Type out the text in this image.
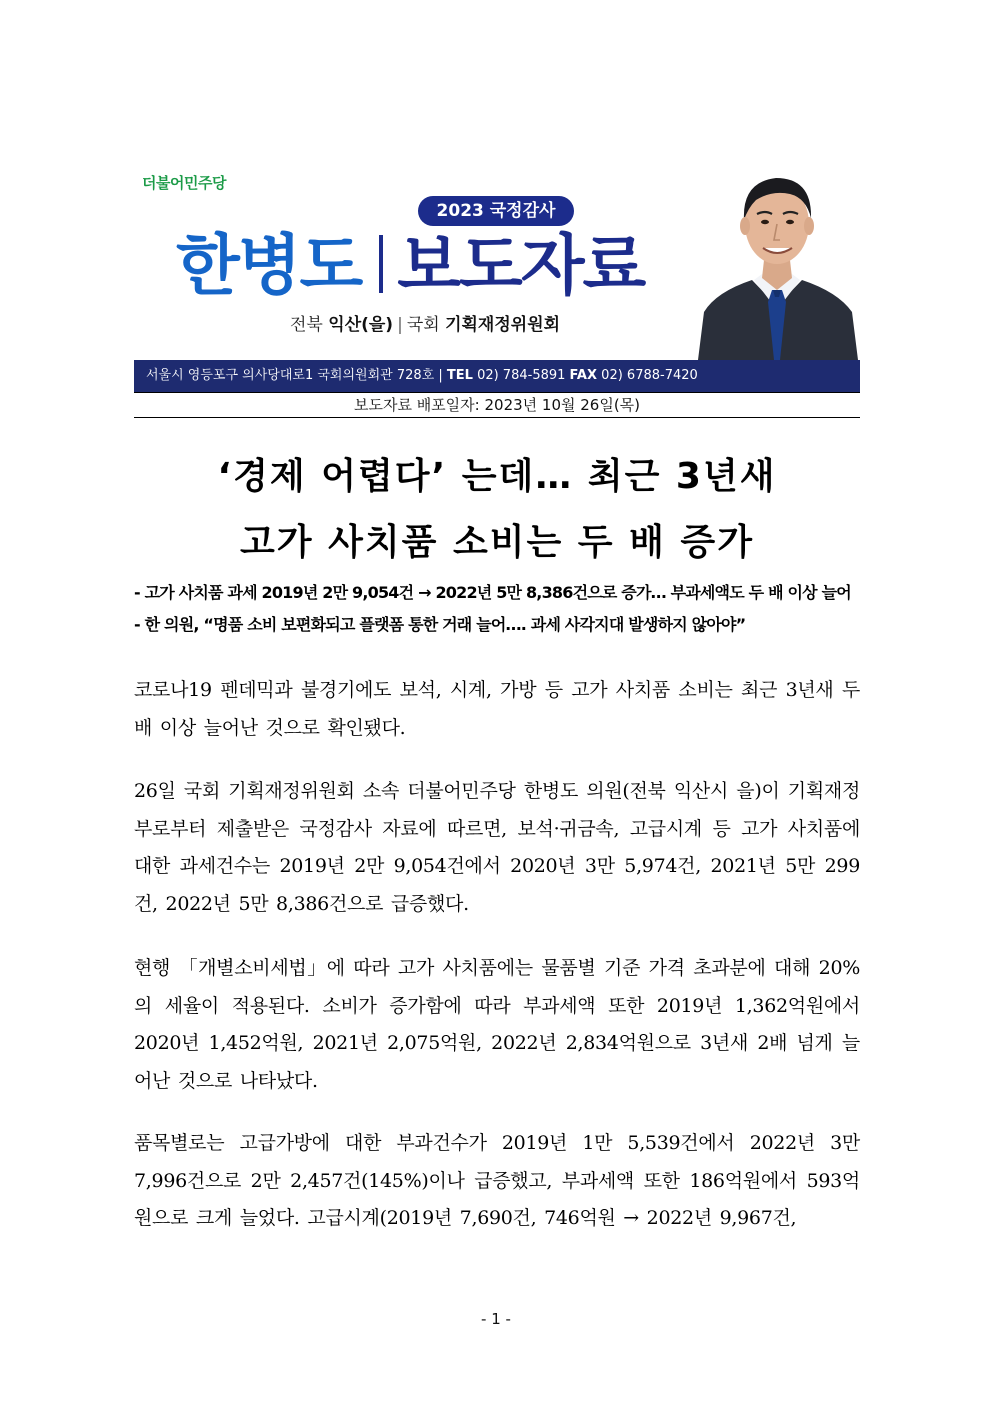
더불어민주당
2023 국정감사
한병도 보도자료
전북 익산(을) | 국회 기획재정위원회
서울시 영등포구 의사당대로1 국회의원회관 728호 | TEL 02) 784-5891 FAX 02) 6788-7420
보도자료 배포일자: 2023년 10월 26일(목)
‘경제 어렵다’ 는데… 최근 3년새
고가 사치품 소비는 두 배 증가
- 고가 사치품 과세 2019년 2만 9,054건 → 2022년 5만 8,386건으로 증가… 부과세액도 두 배 이상 늘어
- 한 의원, “명품 소비 보편화되고 플랫폼 통한 거래 늘어…. 과세 사각지대 발생하지 않아야”
코로나19 펜데믹과 불경기에도 보석, 시계, 가방 등 고가 사치품 소비는 최근 3년새 두 배 이상 늘어난 것으로 확인됐다.
26일 국회 기획재정위원회 소속 더불어민주당 한병도 의원(전북 익산시 을)이 기획재정부로부터 제출받은 국정감사 자료에 따르면, 보석·귀금속, 고급시계 등 고가 사치품에 대한 과세건수는 2019년 2만 9,054건에서 2020년 3만 5,974건, 2021년 5만 299건, 2022년 5만 8,386건으로 급증했다.
현행 「개별소비세법」에 따라 고가 사치품에는 물품별 기준 가격 초과분에 대해 20%의 세율이 적용된다. 소비가 증가함에 따라 부과세액 또한 2019년 1,362억원에서 2020년 1,452억원, 2021년 2,075억원, 2022년 2,834억원으로 3년새 2배 넘게 늘어난 것으로 나타났다.
품목별로는 고급가방에 대한 부과건수가 2019년 1만 5,539건에서 2022년 3만 7,996건으로 2만 2,457건(145%)이나 급증했고, 부과세액 또한 186억원에서 593억원으로 크게 늘었다. 고급시계(2019년 7,690건, 746억원 → 2022년 9,967건,
- 1 -
